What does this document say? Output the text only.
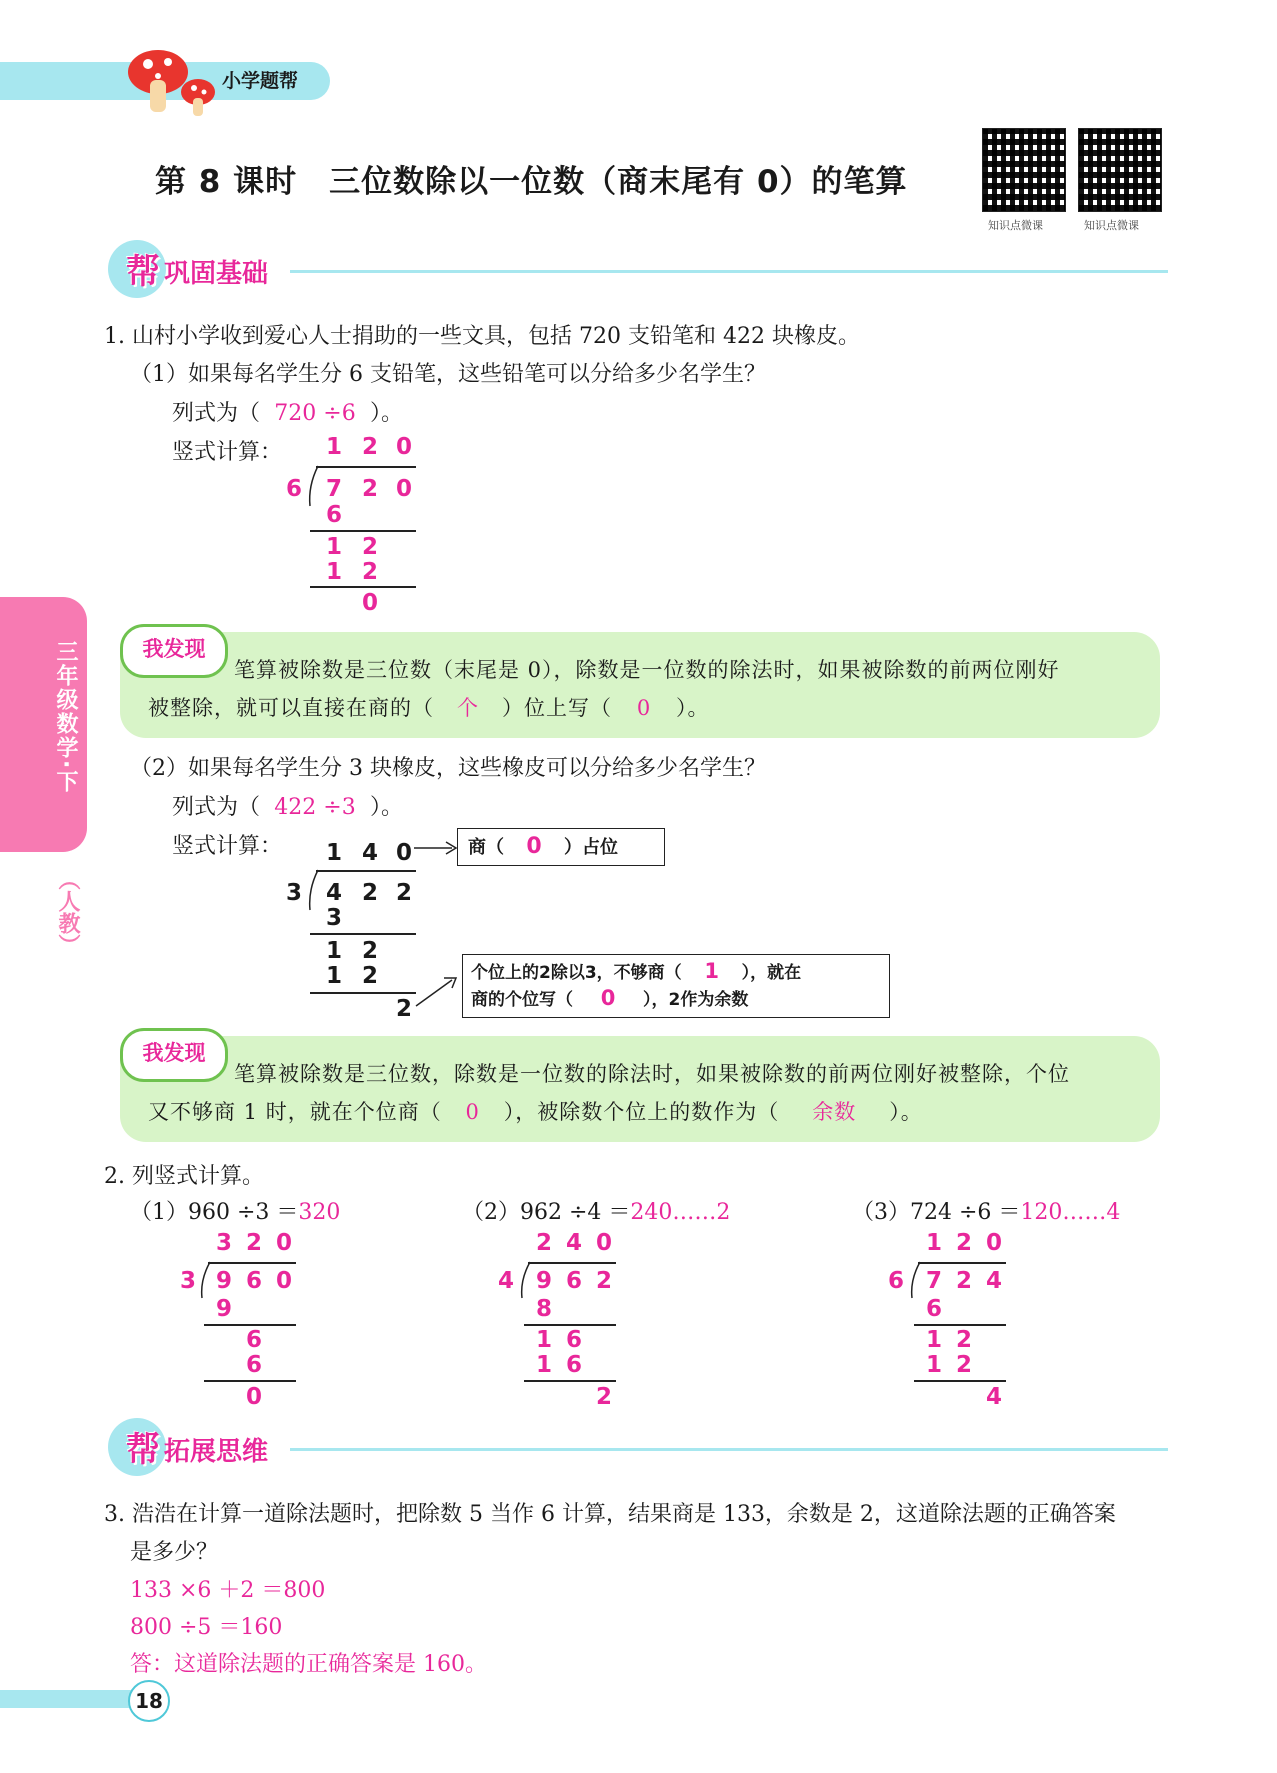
小学题帮
第 8 课时　三位数除以一位数（商末尾有 0）的笔算
知识点微课	知识点微课
帮 巩固基础
1. 山村小学收到爱心人士捐助的一些文具，包括 720 支铅笔和 422 块橡皮。
（1）如果每名学生分 6 支铅笔，这些铅笔可以分给多少名学生？
列式为（ 720 ÷6 ）。
竖式计算： 1 2 0
6 7 2 0
6
1 2
1 2
0
我发现
笔算被除数是三位数（末尾是 0），除数是一位数的除法时，如果被除数的前两位刚好
被整除，就可以直接在商的（ 个 ）位上写（ 0 ）。
（2）如果每名学生分 3 块橡皮，这些橡皮可以分给多少名学生？
列式为（ 422 ÷3 ）。
竖式计算： 1 4 0	商（ 0 ）占位
3 4 2 2
3
1 2
1 2
2
个位上的2除以3，不够商（ 1 ），就在
商的个位写（ 0 ），2作为余数
我发现
笔算被除数是三位数，除数是一位数的除法时，如果被除数的前两位刚好被整除，个位
又不够商 1 时，就在个位商（ 0 ），被除数个位上的数作为（ 余数 ）。
2. 列竖式计算。
（1）960 ÷3 ＝320
3 2 0
3 9 6 0
9
6
6
0
（2）962 ÷4 ＝240……2
2 4 0
4 9 6 2
8
1 6
1 6
2
（3）724 ÷6 ＝120……4
1 2 0
6 7 2 4
6
1 2
1 2
4
帮 拓展思维
3. 浩浩在计算一道除法题时，把除数 5 当作 6 计算，结果商是 133，余数是 2，这道除法题的正确答案
是多少？
133 ×6 ＋2 ＝800
800 ÷5 ＝160
答：这道除法题的正确答案是 160。
三年级数学·下
（人教）
18
